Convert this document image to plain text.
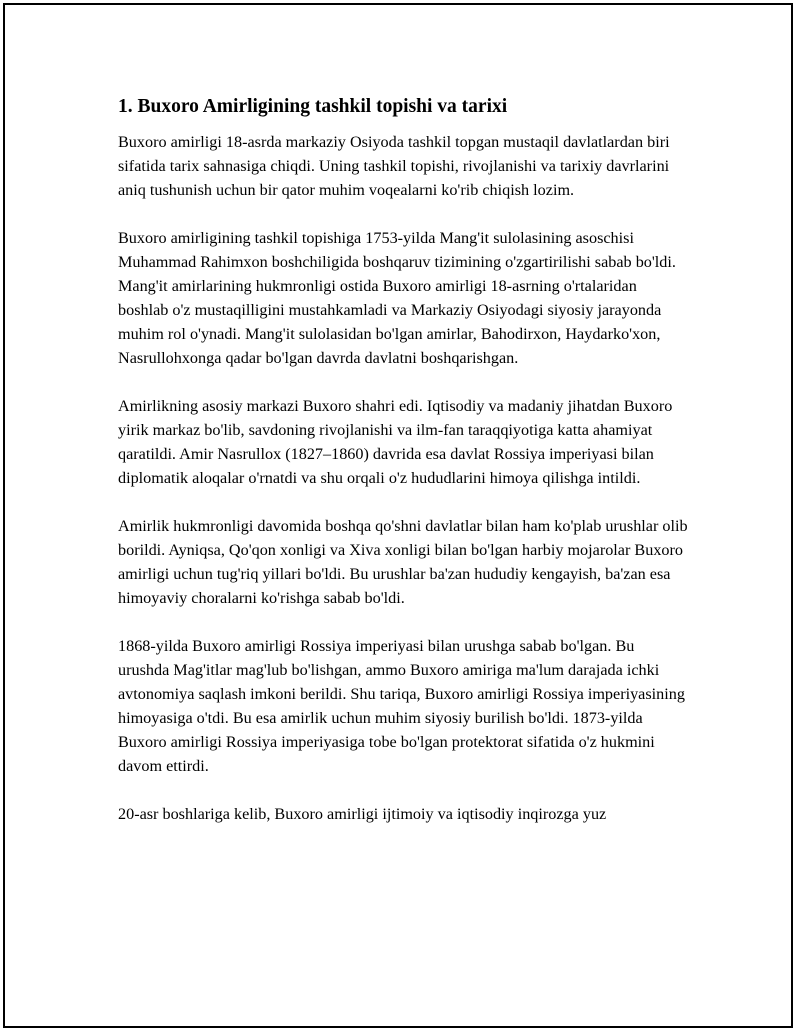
1. Buxoro Amirligining tashkil topishi va tarixi

Buxoro amirligi 18-asrda markaziy Osiyoda tashkil topgan mustaqil davlatlardan biri sifatida tarix sahnasiga chiqdi. Uning tashkil topishi, rivojlanishi va tarixiy davrlarini aniq tushunish uchun bir qator muhim voqealarni ko'rib chiqish lozim.

Buxoro amirligining tashkil topishiga 1753-yilda Mang'it sulolasining asoschisi Muhammad Rahimxon boshchiligida boshqaruv tizimining o'zgartirilishi sabab bo'ldi. Mang'it amirlarining hukmronligi ostida Buxoro amirligi 18-asrning o'rtalaridan boshlab o'z mustaqilligini mustahkamladi va Markaziy Osiyodagi siyosiy jarayonda muhim rol o'ynadi. Mang'it sulolasidan bo'lgan amirlar, Bahodirxon, Haydarko'xon, Nasrullohxonga qadar bo'lgan davrda davlatni boshqarishgan.

Amirlikning asosiy markazi Buxoro shahri edi. Iqtisodiy va madaniy jihatdan Buxoro yirik markaz bo'lib, savdoning rivojlanishi va ilm-fan taraqqiyotiga katta ahamiyat qaratildi. Amir Nasrullox (1827–1860) davrida esa davlat Rossiya imperiyasi bilan diplomatik aloqalar o'rnatdi va shu orqali o'z hududlarini himoya qilishga intildi.

Amirlik hukmronligi davomida boshqa qo'shni davlatlar bilan ham ko'plab urushlar olib borildi. Ayniqsa, Qo'qon xonligi va Xiva xonligi bilan bo'lgan harbiy mojarolar Buxoro amirligi uchun tug'riq yillari bo'ldi. Bu urushlar ba'zan hududiy kengayish, ba'zan esa himoyaviy choralarni ko'rishga sabab bo'ldi.

1868-yilda Buxoro amirligi Rossiya imperiyasi bilan urushga sabab bo'lgan. Bu urushda Mag'itlar mag'lub bo'lishgan, ammo Buxoro amiriga ma'lum darajada ichki avtonomiya saqlash imkoni berildi. Shu tariqa, Buxoro amirligi Rossiya imperiyasining himoyasiga o'tdi. Bu esa amirlik uchun muhim siyosiy burilish bo'ldi. 1873-yilda Buxoro amirligi Rossiya imperiyasiga tobe bo'lgan protektorat sifatida o'z hukmini davom ettirdi.

20-asr boshlariga kelib, Buxoro amirligi ijtimoiy va iqtisodiy inqirozga yuz
